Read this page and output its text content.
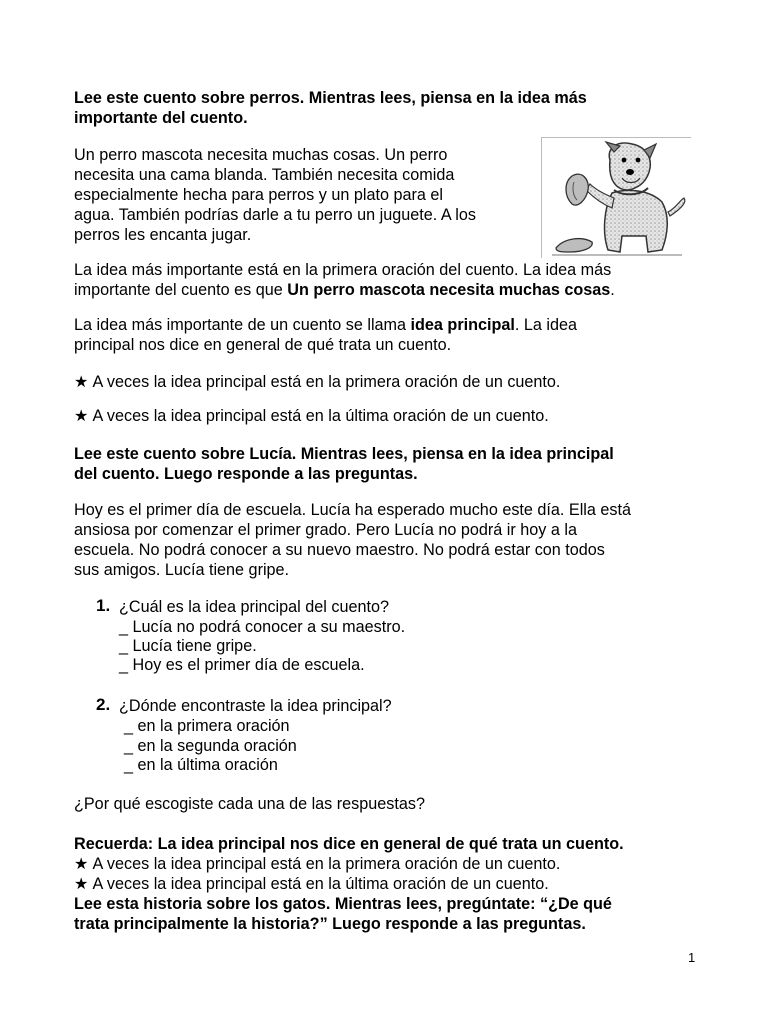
Lee este cuento sobre perros. Mientras lees, piensa en la idea más
importante del cuento.
Un perro mascota necesita muchas cosas. Un perro
necesita una cama blanda. También necesita comida
especialmente hecha para perros y un plato para el
agua. También podrías darle a tu perro un juguete. A los
perros les encanta jugar.
La idea más importante está en la primera oración del cuento. La idea más
importante del cuento es que Un perro mascota necesita muchas cosas.
La idea más importante de un cuento se llama idea principal. La idea
principal nos dice en general de qué trata un cuento.
★ A veces la idea principal está en la primera oración de un cuento.
★ A veces la idea principal está en la última oración de un cuento.
Lee este cuento sobre Lucía. Mientras lees, piensa en la idea principal
del cuento. Luego responde a las preguntas.
Hoy es el primer día de escuela. Lucía ha esperado mucho este día. Ella está
ansiosa por comenzar el primer grado. Pero Lucía no podrá ir hoy a la
escuela. No podrá conocer a su nuevo maestro. No podrá estar con todos
sus amigos. Lucía tiene gripe.
1. ¿Cuál es la idea principal del cuento?
_ Lucía no podrá conocer a su maestro.
_ Lucía tiene gripe.
_ Hoy es el primer día de escuela.
2. ¿Dónde encontraste la idea principal?
_ en la primera oración
_ en la segunda oración
_ en la última oración
¿Por qué escogiste cada una de las respuestas?
Recuerda: La idea principal nos dice en general de qué trata un cuento.
★ A veces la idea principal está en la primera oración de un cuento.
★ A veces la idea principal está en la última oración de un cuento.
Lee esta historia sobre los gatos. Mientras lees, pregúntate: “¿De qué
trata principalmente la historia?” Luego responde a las preguntas.
1
